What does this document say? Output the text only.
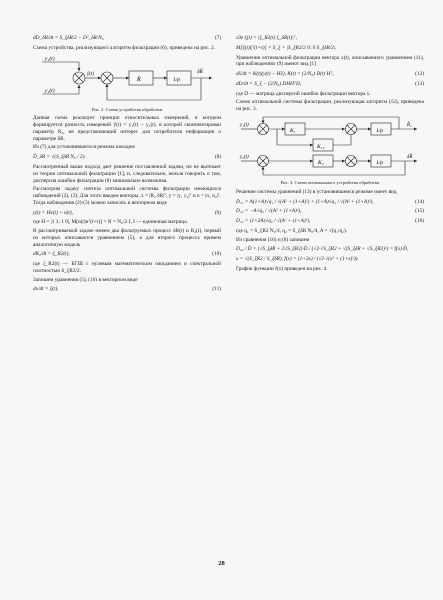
dD_δR/dt = S_ξδR/2 − D²_δR/N₀	(7)
Схема устройства, реализующего алгоритм фильтрации (6), приведена на рис. 2.
y₁(t)
y₂(t)
ŷ(t)
K̄	1/p
δR̂
Рис. 2. Схема устройства обработки
Данная схема реализует принцип относительных измерений, в котором формируется разность измерений ŷ(t) = y₁(t) − y₂(t), в которой скомпенсирован параметр R₂, не представляющий интерес для потребителя информации о параметре δR.
Из (7) для установившегося режима находим
D̄_δR = √(S_ξδR N₀ / 2).	(8)
Рассмотренный выше подход дает решение поставленной задачи, но не вытекает из теории оптимальной фильтрации [1], и, следовательно, нельзя говорить о том, дисперсия ошибки фильтрации (8) минимально возможная.
Рассмотрим задачу синтеза оптимальной системы фильтрации имеющихся наблюдений (2), (3). Для этого введем векторы, x = |R₂ δR|ᵀ, y = |y₁ y₂|ᵀ и n = |n₁ n₂|ᵀ. Тогда наблюдения (2)-(3) можно записать в векторном виде
y(t) = Hx(t) + n(t),	(9)
где H = |1 1; 1 0|, M[n(t)nᵀ(t+τ)] = N = N₀/2·I, I — единичная матрица.
В рассматриваемой задаче имеем два фильтруемых процесс δR(t) и R₂(t), первый из которых описывается уравнением (5), а для второго процесса примем аналогичную модель
dR₂/dt = ξ_R2(t),	(10)
где ξ_R2(t) — БГШ с нулевым математическим ожиданием и спектральной плотностью S_ξR2/2.
Запишем уравнения (5), (10) в векторном виде
dx/dt = ξ(t),	(11)
где ξ(t) = |ξ_R2(t) ξ_δR(t)|ᵀ,
M[ξ(t)ξᵀ(t+τ)] = S_ξ = |S_ξR2/2 0; 0 S_ξδR/2|.
Уравнения оптимальной фильтрации вектора x(t), описываемого уравнением (11), при наблюдениях (9) имеют вид [1]
dx̂/dt = K(t)(y(t) − Hx̂), K(t) = (2/N₀) D(t) Hᵀ,	(12)
dD/dt = S_ξ − (2/N₀) DHHᵀD,	(13)
где D — матрица дисперсий ошибок фильтрации вектора x.
Схема оптимальной системы фильтрации, реализующая алгоритм (12), приведена на рис. 3.
y₁(t)
y₂(t)
K₁
K₁₂
K₂
1/p
1/p
R̂₂
δR̂
Рис. 3. Схема оптимального устройства обработки
Решение системы уравнений (13) в установившемся режиме имеет вид
D₁₁ = A(1+A)√q₁ / √(A² + (1+A)²) + (1+A)√q₁ / √(A² + (1+A)²),	(14)
D₁₂ = −A√q₂ / √(A² + (1+A)²),	(15)
D₂₂ = (1+2A)√q₂ / √(A² + (1+A)²),	(16)
где q₁ = S_ξR2 N₀/4, q₂ = S_ξδR N₀/4, A = √(q₁/q₂).
Из сравнения (16) и (8) запишем
D₂₂ / D̄ = (√S_ξδR + 2√S_ξR2)·D̄ / (√2·√S_ξR2 + √(S_ξδR + √S_ξR2)²) = f(x)·D̄,
x = √(S_ξR2 / S_ξδR), f(x) = (1+2x) / (√2·√(x² + (1+x)²)).
График функции f(x) приведен на рис. 4.
28
